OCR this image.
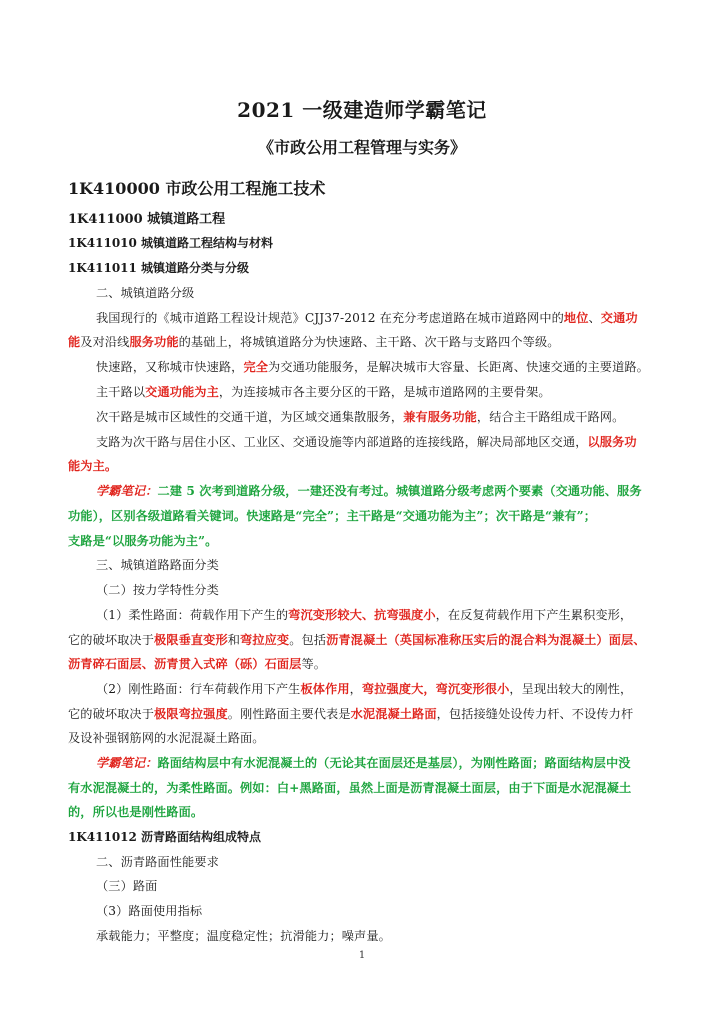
2021 一级建造师学霸笔记
《市政公用工程管理与实务》
1K410000 市政公用工程施工技术
1K411000 城镇道路工程
1K411010 城镇道路工程结构与材料
1K411011 城镇道路分类与分级
二、城镇道路分级
我国现行的《城市道路工程设计规范》CJJ37-2012 在充分考虑道路在城市道路网中的地位、交通功
能及对沿线服务功能的基础上，将城镇道路分为快速路、主干路、次干路与支路四个等级。
快速路，又称城市快速路，完全为交通功能服务，是解决城市大容量、长距离、快速交通的主要道路。
主干路以交通功能为主，为连接城市各主要分区的干路，是城市道路网的主要骨架。
次干路是城市区域性的交通干道，为区域交通集散服务，兼有服务功能，结合主干路组成干路网。
支路为次干路与居住小区、工业区、交通设施等内部道路的连接线路，解决局部地区交通，以服务功
能为主。
学霸笔记：二建 5 次考到道路分级，一建还没有考过。城镇道路分级考虑两个要素（交通功能、服务
功能），区别各级道路看关键词。快速路是“完全”；主干路是“交通功能为主”；次干路是“兼有”；
支路是“以服务功能为主”。
三、城镇道路路面分类
（二）按力学特性分类
（1）柔性路面：荷载作用下产生的弯沉变形较大、抗弯强度小，在反复荷载作用下产生累积变形，
它的破坏取决于极限垂直变形和弯拉应变。包括沥青混凝土（英国标准称压实后的混合料为混凝土）面层、
沥青碎石面层、沥青贯入式碎（砾）石面层等。
（2）刚性路面：行车荷载作用下产生板体作用，弯拉强度大，弯沉变形很小，呈现出较大的刚性，
它的破坏取决于极限弯拉强度。刚性路面主要代表是水泥混凝土路面，包括接缝处设传力杆、不设传力杆
及设补强钢筋网的水泥混凝土路面。
学霸笔记：路面结构层中有水泥混凝土的（无论其在面层还是基层），为刚性路面；路面结构层中没
有水泥混凝土的，为柔性路面。例如：白+黑路面，虽然上面是沥青混凝土面层，由于下面是水泥混凝土
的，所以也是刚性路面。
1K411012 沥青路面结构组成特点
二、沥青路面性能要求
（三）路面
（3）路面使用指标
承载能力；平整度；温度稳定性；抗滑能力；噪声量。
1
